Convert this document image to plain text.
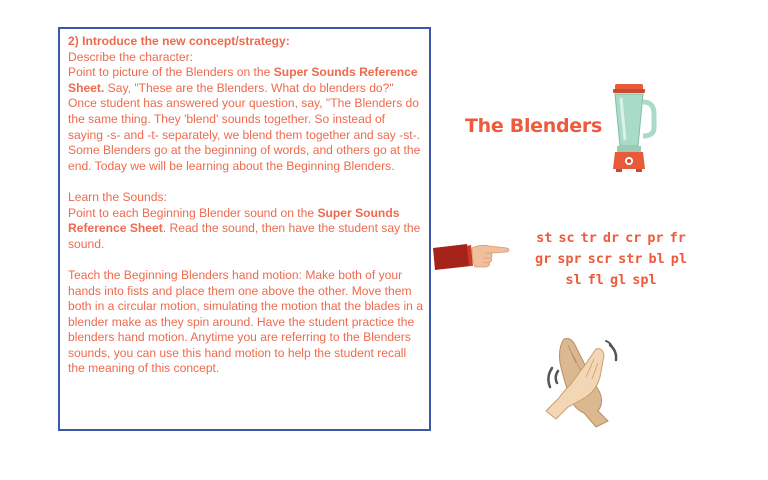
2) Introduce the new concept/strategy:

Describe the character:

Point to picture of the Blenders on the Super Sounds Reference Sheet. Say, "These are the Blenders. What do blenders do?" Once student has answered your question, say, "The Blenders do the same thing. They 'blend' sounds together. So instead of saying -s- and -t- separately, we blend them together and say -st-. Some Blenders go at the beginning of words, and others go at the end. Today we will be learning about the Beginning Blenders.

Learn the Sounds:

Point to each Beginning Blender sound on the Super Sounds Reference Sheet. Read the sound, then have the student say the sound.

Teach the Beginning Blenders hand motion: Make both of your hands into fists and place them one above the other. Move them both in a circular motion, simulating the motion that the blades in a blender make as they spin around. Have the student practice the blenders hand motion. Anytime you are referring to the Blenders sounds, you can use this hand motion to help the student recall the meaning of this concept.

The Blenders
st sc tr dr cr pr fr
gr spr scr str bl pl
sl fl gl spl
